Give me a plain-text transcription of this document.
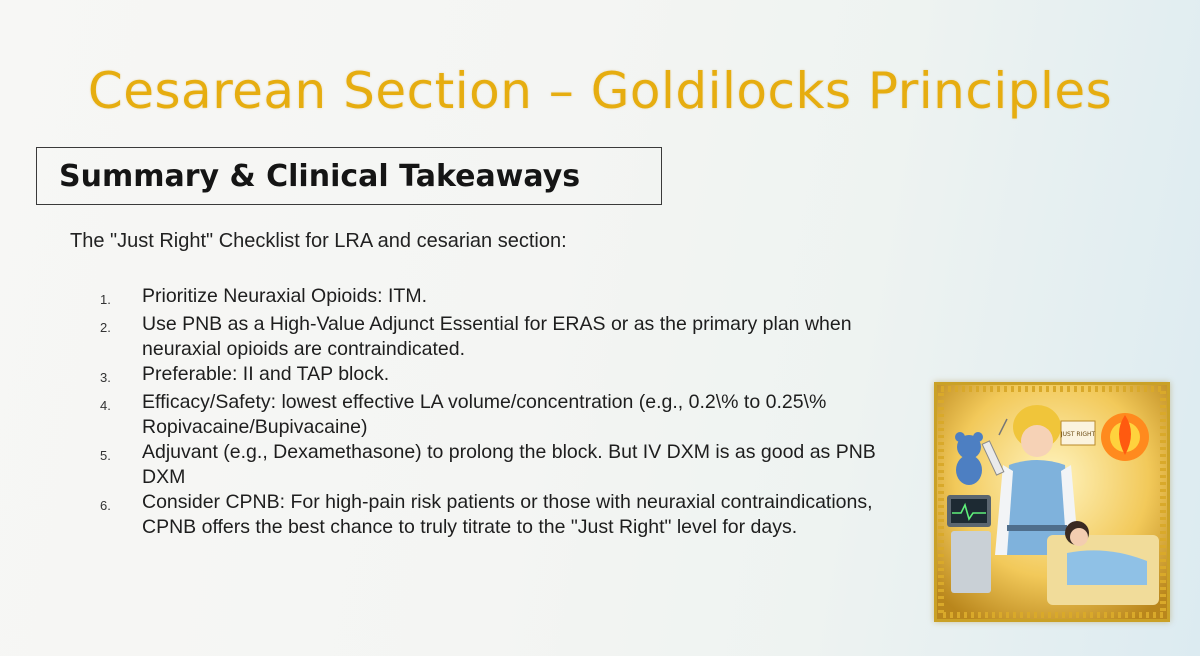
Cesarean Section – Goldilocks Principles
Summary & Clinical Takeaways

The "Just Right" Checklist for LRA and cesarian section:

1.	Prioritize Neuraxial Opioids: ITM.
2.	Use PNB as a High-Value Adjunct Essential for ERAS or as the primary plan when neuraxial opioids are contraindicated.
3.	Preferable: II and TAP block.
4.	Efficacy/Safety: lowest effective LA volume/concentration (e.g., 0.2\% to 0.25\% Ropivacaine/Bupivacaine)
5.	Adjuvant (e.g., Dexamethasone) to prolong the block. But IV DXM is as good as PNB DXM
6.	Consider CPNB: For high-pain risk patients or those with neuraxial contraindications, CPNB offers the best chance to truly titrate to the "Just Right" level for days.
JUST RIGHT
